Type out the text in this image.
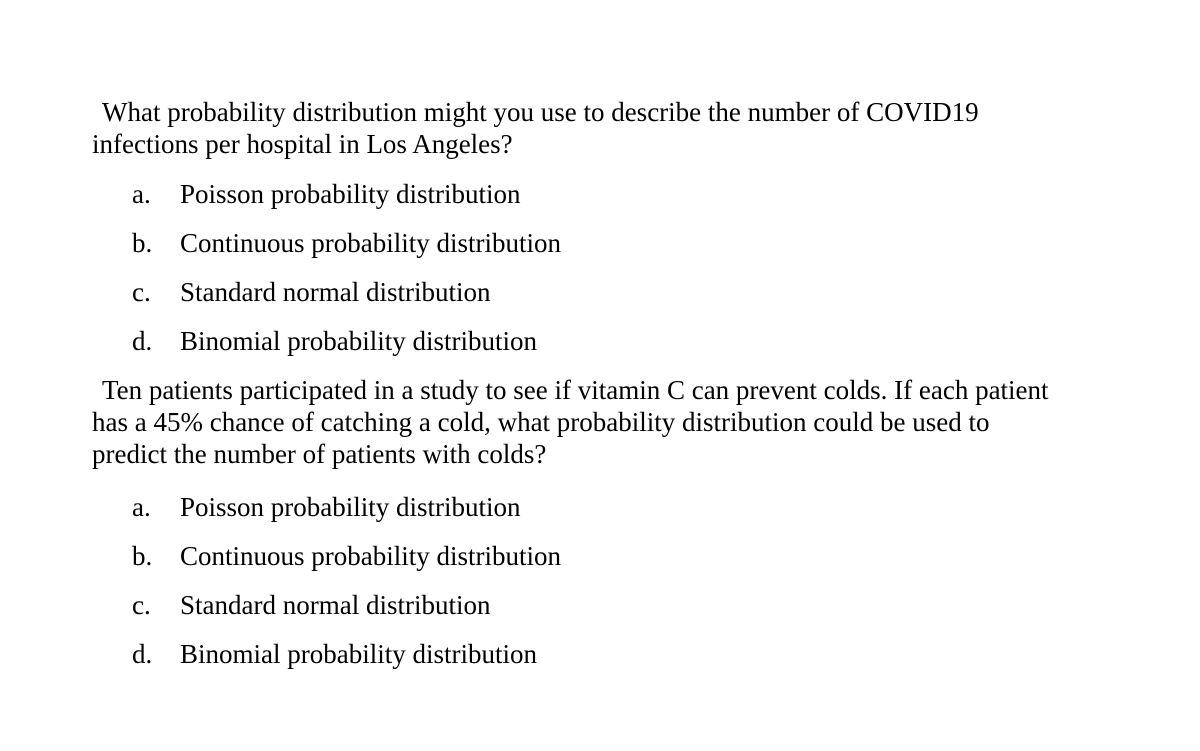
What probability distribution might you use to describe the number of COVID19
infections per hospital in Los Angeles?
a.	Poisson probability distribution
b.	Continuous probability distribution
c.	Standard normal distribution
d.	Binomial probability distribution
Ten patients participated in a study to see if vitamin C can prevent colds. If each patient
has a 45% chance of catching a cold, what probability distribution could be used to
predict the number of patients with colds?
a.	Poisson probability distribution
b.	Continuous probability distribution
c.	Standard normal distribution
d.	Binomial probability distribution
